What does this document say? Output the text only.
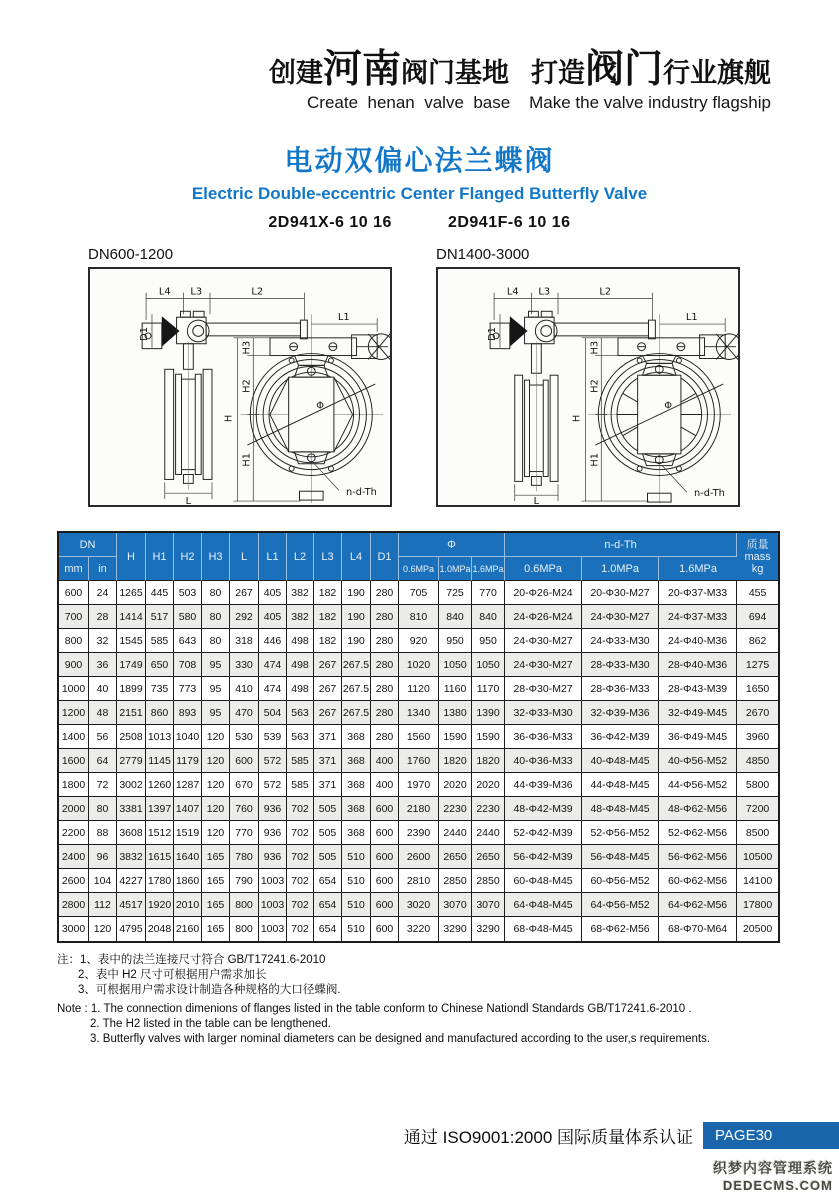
创建河南阀门基地 打造阀门行业旗舰
Create  henan  valve  base    Make the valve industry flagship
电动双偏心法兰蝶阀
Electric Double-eccentric Center Flanged Butterfly Valve
2D941X-6 10 16	2D941F-6 10 16
DN600-1200
L4 L3	L2
D1
L
H
H3
H2
H1
L1
Φ
n-d-Th
DN1400-3000
L4 L3	L2
D1
L
H
H3
H2
H1
L1
Φ
n-d-Th
DN		H	H1	H2	H3	L	L1	L2	L3	L4	D1	Φ			n-d-Th			质量
mass
kg

mm	in											0.6MPa	1.0MPa	1.6MPa	0.6MPa	1.0MPa	1.6MPa	
600	24	1265	445	503	80	267	405	382	182	190	280	705	725	770	20-Φ26-M24	20-Φ30-M27	20-Φ37-M33	455
700	28	1414	517	580	80	292	405	382	182	190	280	810	840	840	24-Φ26-M24	24-Φ30-M27	24-Φ37-M33	694
800	32	1545	585	643	80	318	446	498	182	190	280	920	950	950	24-Φ30-M27	24-Φ33-M30	24-Φ40-M36	862
900	36	1749	650	708	95	330	474	498	267	267.5	280	1020	1050	1050	24-Φ30-M27	28-Φ33-M30	28-Φ40-M36	1275
1000	40	1899	735	773	95	410	474	498	267	267.5	280	1120	1160	1170	28-Φ30-M27	28-Φ36-M33	28-Φ43-M39	1650
1200	48	2151	860	893	95	470	504	563	267	267.5	280	1340	1380	1390	32-Φ33-M30	32-Φ39-M36	32-Φ49-M45	2670
1400	56	2508	1013	1040	120	530	539	563	371	368	280	1560	1590	1590	36-Φ36-M33	36-Φ42-M39	36-Φ49-M45	3960
1600	64	2779	1145	1179	120	600	572	585	371	368	400	1760	1820	1820	40-Φ36-M33	40-Φ48-M45	40-Φ56-M52	4850
1800	72	3002	1260	1287	120	670	572	585	371	368	400	1970	2020	2020	44-Φ39-M36	44-Φ48-M45	44-Φ56-M52	5800
2000	80	3381	1397	1407	120	760	936	702	505	368	600	2180	2230	2230	48-Φ42-M39	48-Φ48-M45	48-Φ62-M56	7200
2200	88	3608	1512	1519	120	770	936	702	505	368	600	2390	2440	2440	52-Φ42-M39	52-Φ56-M52	52-Φ62-M56	8500
2400	96	3832	1615	1640	165	780	936	702	505	510	600	2600	2650	2650	56-Φ42-M39	56-Φ48-M45	56-Φ62-M56	10500
2600	104	4227	1780	1860	165	790	1003	702	654	510	600	2810	2850	2850	60-Φ48-M45	60-Φ56-M52	60-Φ62-M56	14100
2800	112	4517	1920	2010	165	800	1003	702	654	510	600	3020	3070	3070	64-Φ48-M45	64-Φ56-M52	64-Φ62-M56	17800
3000	120	4795	2048	2160	165	800	1003	702	654	510	600	3220	3290	3290	68-Φ48-M45	68-Φ62-M56	68-Φ70-M64	20500
注：1、表中的法兰连接尺寸符合 GB/T17241.6-2010
2、表中 H2 尺寸可根据用户需求加长
3、可根据用户需求设计制造各种规格的大口径蝶阀.
Note : 1. The connection dimenions of flanges listed in the table conform to Chinese Nationdl Standards GB/T17241.6-2010 .
2. The H2 listed in the table can be lengthened.
3. Butterfly valves with larger nominal diameters can be designed and manufactured according to the user,s requirements.
通过 ISO9001:2000 国际质量体系认证	PAGE30
织梦内容管理系统
DEDECMS.COM
